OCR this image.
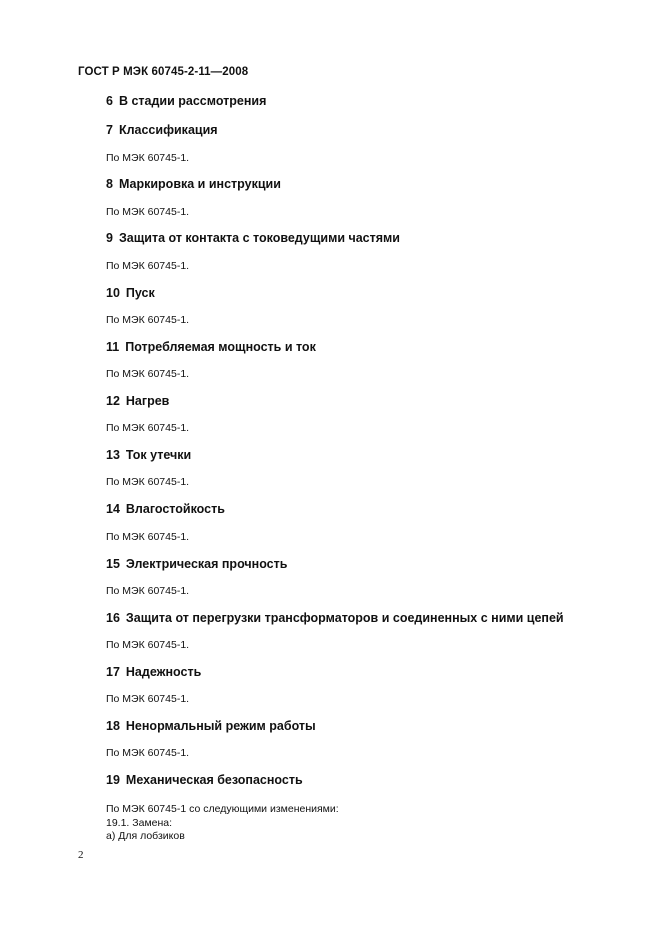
ГОСТ Р МЭК 60745-2-11—2008
6 В стадии рассмотрения
7 Классификация
По МЭК 60745-1.
8 Маркировка и инструкции
По МЭК 60745-1.
9 Защита от контакта с токоведущими частями
По МЭК 60745-1.
10 Пуск
По МЭК 60745-1.
11 Потребляемая мощность и ток
По МЭК 60745-1.
12 Нагрев
По МЭК 60745-1.
13 Ток утечки
По МЭК 60745-1.
14 Влагостойкость
По МЭК 60745-1.
15 Электрическая прочность
По МЭК 60745-1.
16 Защита от перегрузки трансформаторов и соединенных с ними цепей
По МЭК 60745-1.
17 Надежность
По МЭК 60745-1.
18 Ненормальный режим работы
По МЭК 60745-1.
19 Механическая безопасность
По МЭК 60745-1 со следующими изменениями:
19.1. Замена:
а) Для лобзиков
2
